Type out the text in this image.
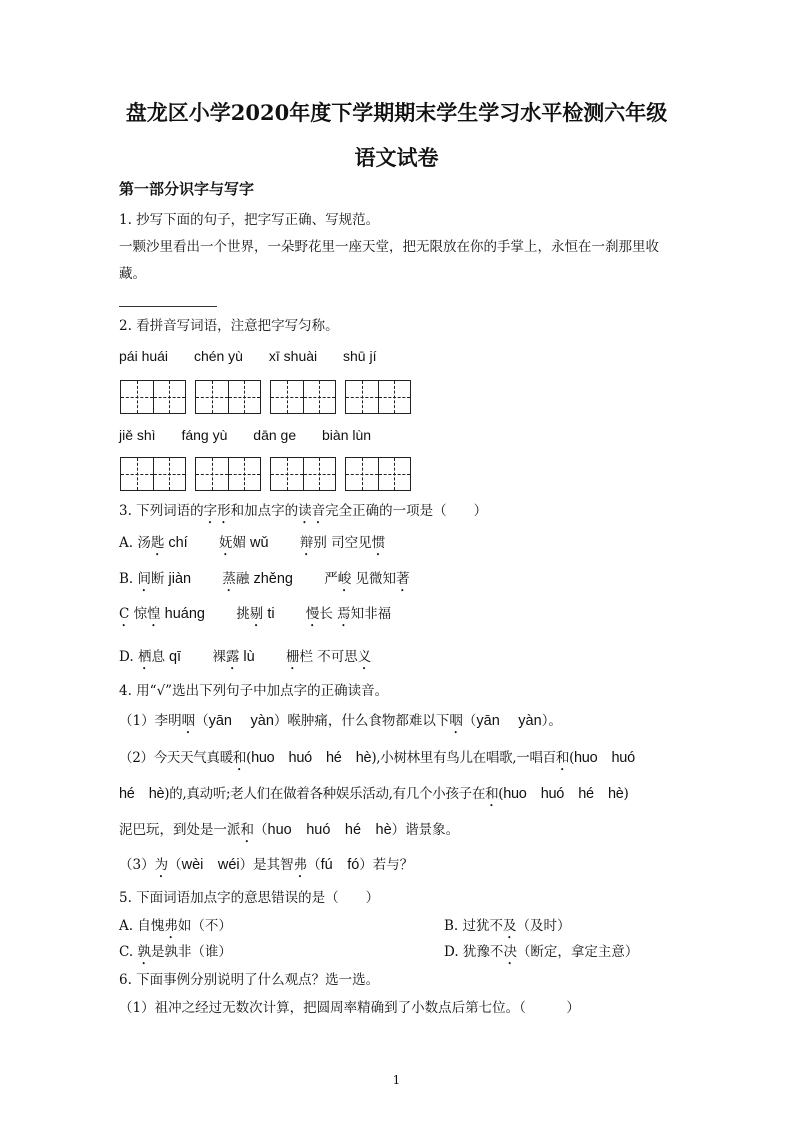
盘龙区小学2020年度下学期期末学生学习水平检测六年级
语文试卷
第一部分识字与写字
1. 抄写下面的句子，把字写正确、写规范。
一颗沙里看出一个世界，一朵野花里一座天堂，把无限放在你的手掌上，永恒在一刹那里收
藏。
2. 看拼音写词语，注意把字写匀称。
pái huái chén yù xī shuài shū jí
jiě shì fáng yù dān ge biàn lùn
3. 下列词语的字形和加点字的读音完全正确的一项是（　　）
A. 汤匙 chí　　 妩媚 wǔ　　 辩别 司空见惯
B. 间断 jiàn　　 蒸融 zhěng　　 严峻 见微知著
C 惊惶 huáng　　 挑剔 ti　　 慢长 焉知非福
D. 栖息 qī　　 裸露 lù　　 栅栏 不可思义
4. 用“√”选出下列句子中加点字的正确读音。
（1）李明咽（yān　 yàn）喉肿痛，什么食物都难以下咽（yān　 yàn）。
（2）今天天气真暖和(huo　huó　hé　hè),小树林里有鸟儿在唱歌,一唱百和(huo　huó
hé　hè)的,真动听;老人们在做着各种娱乐活动,有几个小孩子在和(huo　huó　hé　hè)
泥巴玩，到处是一派和（huo　huó　hé　hè）谐景象。
（3）为（wèi　wéi）是其智弗（fú　fó）若与？
5. 下面词语加点字的意思错误的是（　　）
A. 自愧弗如（不）	B. 过犹不及（及时）
C. 孰是孰非（谁）	D. 犹豫不决（断定，拿定主意）
6. 下面事例分别说明了什么观点？选一选。
（1）祖冲之经过无数次计算，把圆周率精确到了小数点后第七位。（　　　）
1
